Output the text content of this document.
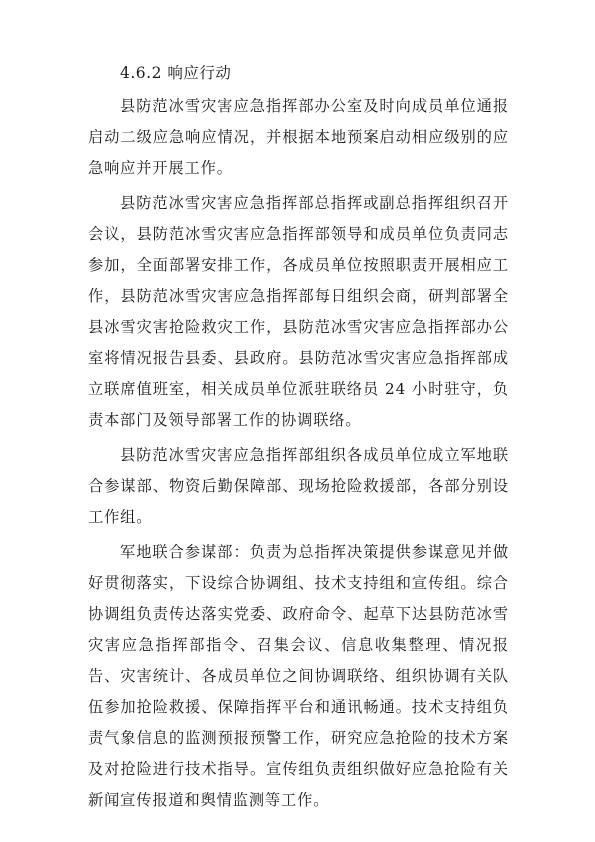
4.6.2 响应行动

县防范冰雪灾害应急指挥部办公室及时向成员单位通报启动二级应急响应情况，并根据本地预案启动相应级别的应急响应并开展工作。

县防范冰雪灾害应急指挥部总指挥或副总指挥组织召开会议，县防范冰雪灾害应急指挥部领导和成员单位负责同志参加，全面部署安排工作，各成员单位按照职责开展相应工作，县防范冰雪灾害应急指挥部每日组织会商，研判部署全县冰雪灾害抢险救灾工作，县防范冰雪灾害应急指挥部办公室将情况报告县委、县政府。县防范冰雪灾害应急指挥部成立联席值班室，相关成员单位派驻联络员 24 小时驻守，负责本部门及领导部署工作的协调联络。

县防范冰雪灾害应急指挥部组织各成员单位成立军地联合参谋部、物资后勤保障部、现场抢险救援部，各部分别设工作组。

军地联合参谋部：负责为总指挥决策提供参谋意见并做好贯彻落实，下设综合协调组、技术支持组和宣传组。综合协调组负责传达落实党委、政府命令、起草下达县防范冰雪灾害应急指挥部指令、召集会议、信息收集整理、情况报告、灾害统计、各成员单位之间协调联络、组织协调有关队伍参加抢险救援、保障指挥平台和通讯畅通。技术支持组负责气象信息的监测预报预警工作，研究应急抢险的技术方案及对抢险进行技术指导。宣传组负责组织做好应急抢险有关新闻宣传报道和舆情监测等工作。
